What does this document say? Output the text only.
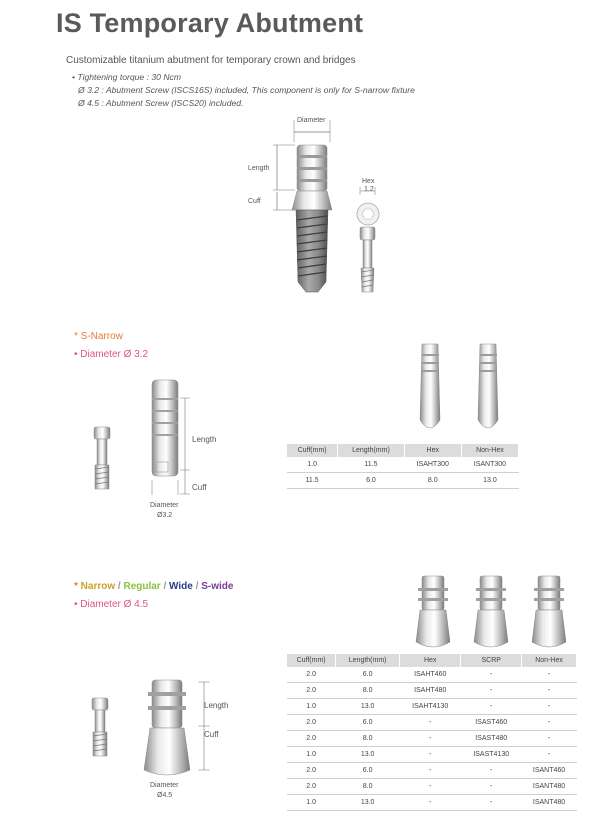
IS Temporary Abutment
Customizable titanium abutment for temporary crown and bridges
• Tightening torque : 30 Ncm
Ø 3.2 : Abutment Screw (ISCS16S) included, This component is only for S-narrow fixture
Ø 4.5 : Abutment Screw (ISCS20) included.
Diameter
Length
Cuff
Hex
1.2
* S-Narrow
• Diameter Ø 3.2
Length
Cuff
Diameter
Ø3.2
Cuff(mm)	Length(mm)	Hex	Non-Hex
1.0	11.5	ISAHT300	ISANT300
11.5	6.0	8.0	13.0
* Narrow / Regular / Wide / S-wide
• Diameter Ø 4.5
Length
Cuff
Diameter
Ø4.5
Cuff(mm)	Length(mm)	Hex	SCRP	Non-Hex
2.0	6.0	ISAHT460	-	-
2.0	8.0	ISAHT480	-	-
1.0	13.0	ISAHT4130	-	-
2.0	6.0	-	ISAST460	-
2.0	8.0	-	ISAST480	-
1.0	13.0	-	ISAST4130	-
2.0	6.0	-	-	ISANT460
2.0	8.0	-	-	ISANT480
1.0	13.0	-	-	ISANT480
